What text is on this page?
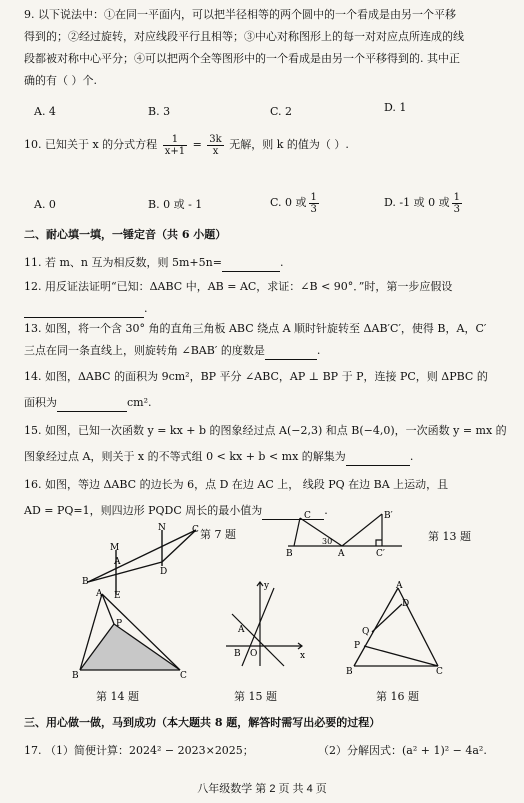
9. 以下说法中：①在同一平面内，可以把半径相等的两个圆中的一个看成是由另一个平移
得到的；②经过旋转，对应线段平行且相等；③中心对称图形上的每一对对应点所连成的线
段都被对称中心平分；④可以把两个全等图形中的一个看成是由另一个平移得到的. 其中正
确的有（ ）个.
A. 4	B. 3	C. 2	D. 1
10. 已知关于 x 的分式方程 $\frac{1}{x+1} = \frac{3k}{x}$ 无解，则 k 的值为（ ）.
A. 0	B. 0 或 - 1	C. 0 或 $\frac{1}{3}$	D. -1 或 0 或 $\frac{1}{3}$
二、耐心填一填，一锤定音（共 6 小题）
11. 若 m、n 互为相反数，则 5m+5n=	.
12. 用反证法证明“已知：ΔABC 中，AB = AC，求证：∠B < 90°．”时，第一步应假设
.
13. 如图，将一个含 30° 角的直角三角板 ABC 绕点 A 顺时针旋转至 ΔAB′C′，使得 B，A，C′
三点在同一条直线上，则旋转角 ∠BAB′ 的度数是	.
14. 如图，ΔABC 的面积为 9cm²，BP 平分 ∠ABC，AP ⊥ BP 于 P，连接 PC，则 ΔPBC 的
面积为	cm².
15. 如图，已知一次函数 y = kx + b 的图象经过点 A(−2,3) 和点 B(−4,0)，一次函数 y = mx 的
图象经过点 A，则关于 x 的不等式组 0 < kx + b < mx 的解集为	.
16. 如图，等边 ΔABC 的边长为 6，点 D 在边 AC 上， 线段 PQ 在边 BA 上运动，且
AD = PQ=1，则四边形 PQDC 周长的最小值为	.
C
N
M
A
B
E
D
第 7 题
B′
B	A
C
C′
30	第 13 题
A
P
B	C
第 14 题
y
x
A
B O
第 15 题
A
D
Q
P
B	C
第 16 题
三、用心做一做，马到成功（本大题共 8 题，解答时需写出必要的过程）
17. （1）简便计算：2024² − 2023×2025；	（2）分解因式：(a² + 1)² − 4a².
八年级数学 第 2 页 共 4 页
